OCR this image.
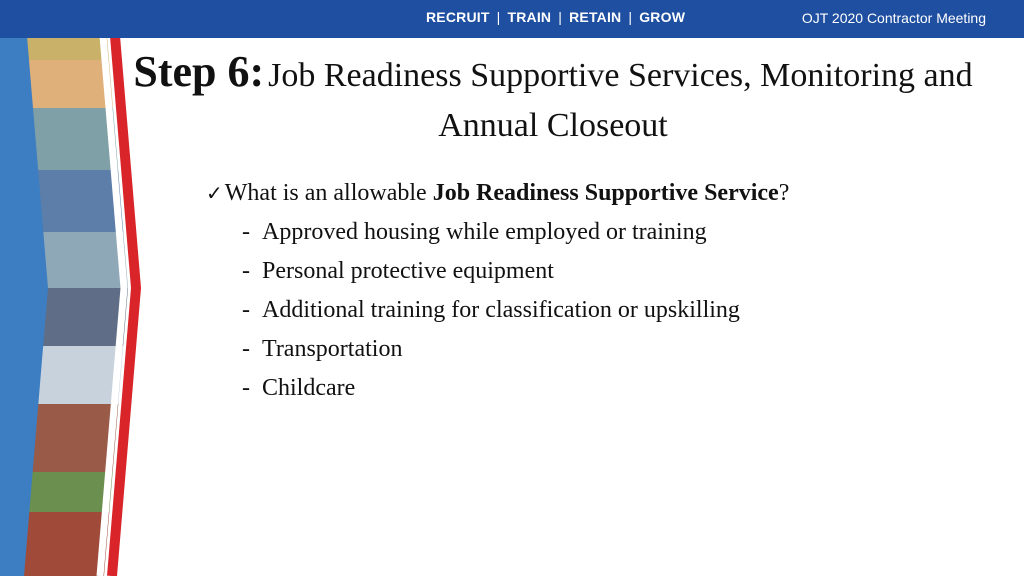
RECRUIT | TRAIN | RETAIN | GROW	OJT 2020 Contractor Meeting
Step 6: Job Readiness Supportive Services, Monitoring and Annual Closeout
✓What is an allowable Job Readiness Supportive Service?
- Approved housing while employed or training
- Personal protective equipment
- Additional training for classification or upskilling
- Transportation
- Childcare
